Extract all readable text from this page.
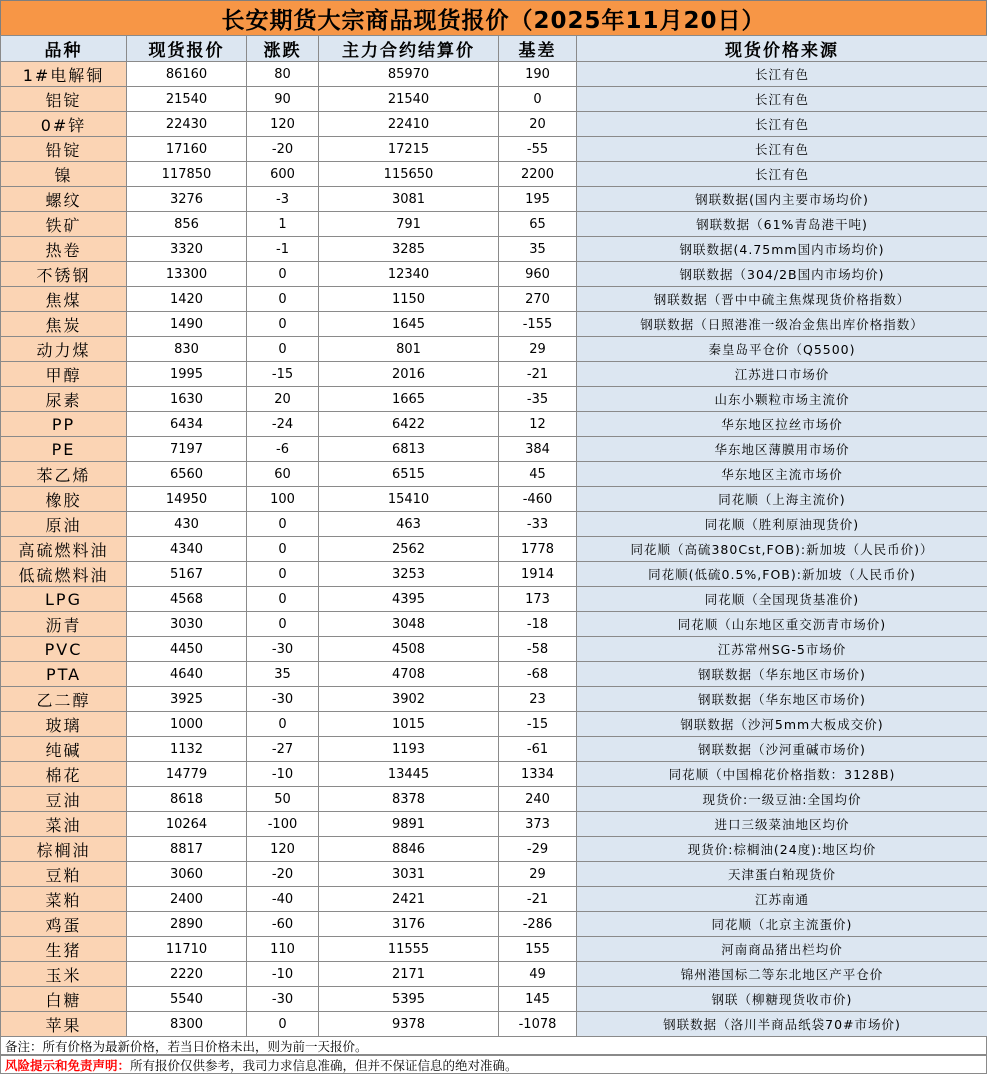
长安期货大宗商品现货报价（2025年11月20日）
品种	现货报价	涨跌	主力合约结算价	基差	现货价格来源
1#电解铜	86160	80	85970	190	长江有色
铝锭	21540	90	21540	0	长江有色
0#锌	22430	120	22410	20	长江有色
铅锭	17160	-20	17215	-55	长江有色
镍	117850	600	115650	2200	长江有色
螺纹	3276	-3	3081	195	钢联数据(国内主要市场均价)
铁矿	856	1	791	65	钢联数据（61%青岛港干吨)
热卷	3320	-1	3285	35	钢联数据(4.75mm国内市场均价)
不锈钢	13300	0	12340	960	钢联数据（304/2B国内市场均价)
焦煤	1420	0	1150	270	钢联数据（晋中中硫主焦煤现货价格指数）
焦炭	1490	0	1645	-155	钢联数据（日照港准一级冶金焦出库价格指数）
动力煤	830	0	801	29	秦皇岛平仓价（Q5500)
甲醇	1995	-15	2016	-21	江苏进口市场价
尿素	1630	20	1665	-35	山东小颗粒市场主流价
PP	6434	-24	6422	12	华东地区拉丝市场价
PE	7197	-6	6813	384	华东地区薄膜用市场价
苯乙烯	6560	60	6515	45	华东地区主流市场价
橡胶	14950	100	15410	-460	同花顺（上海主流价)
原油	430	0	463	-33	同花顺（胜利原油现货价)
高硫燃料油	4340	0	2562	1778	同花顺（高硫380Cst,FOB):新加坡（人民币价)）
低硫燃料油	5167	0	3253	1914	同花顺(低硫0.5%,FOB):新加坡（人民币价)
LPG	4568	0	4395	173	同花顺（全国现货基准价)
沥青	3030	0	3048	-18	同花顺（山东地区重交沥青市场价)
PVC	4450	-30	4508	-58	江苏常州SG-5市场价
PTA	4640	35	4708	-68	钢联数据（华东地区市场价)
乙二醇	3925	-30	3902	23	钢联数据（华东地区市场价)
玻璃	1000	0	1015	-15	钢联数据（沙河5mm大板成交价)
纯碱	1132	-27	1193	-61	钢联数据（沙河重碱市场价)
棉花	14779	-10	13445	1334	同花顺（中国棉花价格指数：3128B)
豆油	8618	50	8378	240	现货价:一级豆油:全国均价
菜油	10264	-100	9891	373	进口三级菜油地区均价
棕榈油	8817	120	8846	-29	现货价:棕榈油(24度):地区均价
豆粕	3060	-20	3031	29	天津蛋白粕现货价
菜粕	2400	-40	2421	-21	江苏南通
鸡蛋	2890	-60	3176	-286	同花顺（北京主流蛋价)
生猪	11710	110	11555	155	河南商品猪出栏均价
玉米	2220	-10	2171	49	锦州港国标二等东北地区产平仓价
白糖	5540	-30	5395	145	钢联（柳糖现货收市价)
苹果	8300	0	9378	-1078	钢联数据（洛川半商品纸袋70#市场价)
备注：所有价格为最新价格，若当日价格未出，则为前一天报价。
风险提示和免责声明：所有报价仅供参考，我司力求信息准确，但并不保证信息的绝对准确。
